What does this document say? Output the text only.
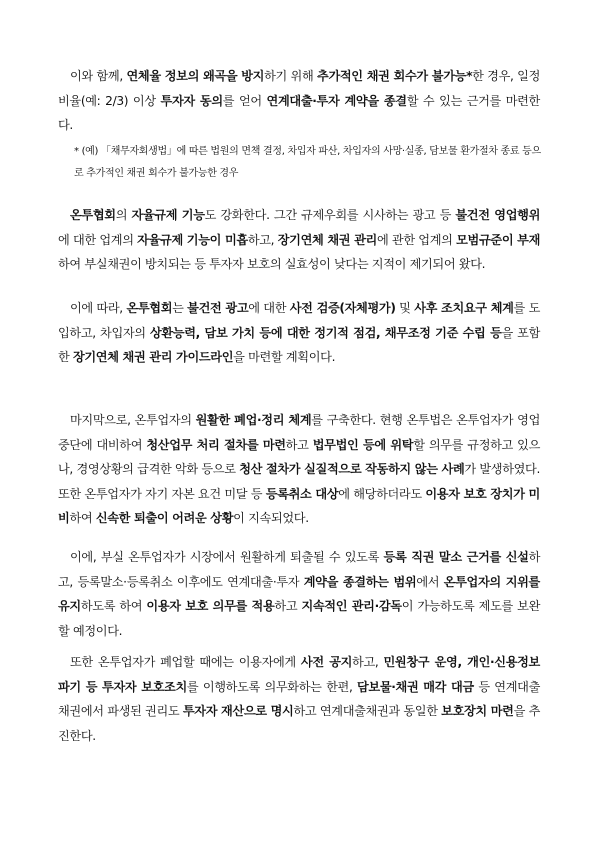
이와 함께, 연체율 정보의 왜곡을 방지하기 위해 추가적인 채권 회수가 불가능*한 경우, 일정 비율(예: 2/3) 이상 투자자 동의를 얻어 연계대출·투자 계약을 종결할 수 있는 근거를 마련한다.

* (예) 「채무자회생법」에 따른 법원의 면책 결정, 차입자 파산, 차입자의 사망·실종, 담보물 환가절차 종료 등으로 추가적인 채권 회수가 불가능한 경우

온투협회의 자율규제 기능도 강화한다. 그간 규제우회를 시사하는 광고 등 불건전 영업행위에 대한 업계의 자율규제 기능이 미흡하고, 장기연체 채권 관리에 관한 업계의 모범규준이 부재하여 부실채권이 방치되는 등 투자자 보호의 실효성이 낮다는 지적이 제기되어 왔다.

이에 따라, 온투협회는 불건전 광고에 대한 사전 검증(자체평가) 및 사후 조치요구 체계를 도입하고, 차입자의 상환능력, 담보 가치 등에 대한 정기적 점검, 채무조정 기준 수립 등을 포함한 장기연체 채권 관리 가이드라인을 마련할 계획이다.

마지막으로, 온투업자의 원활한 폐업·정리 체계를 구축한다. 현행 온투법은 온투업자가 영업중단에 대비하여 청산업무 처리 절차를 마련하고 법무법인 등에 위탁할 의무를 규정하고 있으나, 경영상황의 급격한 악화 등으로 청산 절차가 실질적으로 작동하지 않는 사례가 발생하였다. 또한 온투업자가 자기 자본 요건 미달 등 등록취소 대상에 해당하더라도 이용자 보호 장치가 미비하여 신속한 퇴출이 어려운 상황이 지속되었다.

이에, 부실 온투업자가 시장에서 원활하게 퇴출될 수 있도록 등록 직권 말소 근거를 신설하고, 등록말소·등록취소 이후에도 연계대출·투자 계약을 종결하는 범위에서 온투업자의 지위를 유지하도록 하여 이용자 보호 의무를 적용하고 지속적인 관리·감독이 가능하도록 제도를 보완할 예정이다.

또한 온투업자가 폐업할 때에는 이용자에게 사전 공지하고, 민원창구 운영, 개인·신용정보 파기 등 투자자 보호조치를 이행하도록 의무화하는 한편, 담보물·채권 매각 대금 등 연계대출채권에서 파생된 권리도 투자자 재산으로 명시하고 연계대출채권과 동일한 보호장치 마련을 추진한다.
